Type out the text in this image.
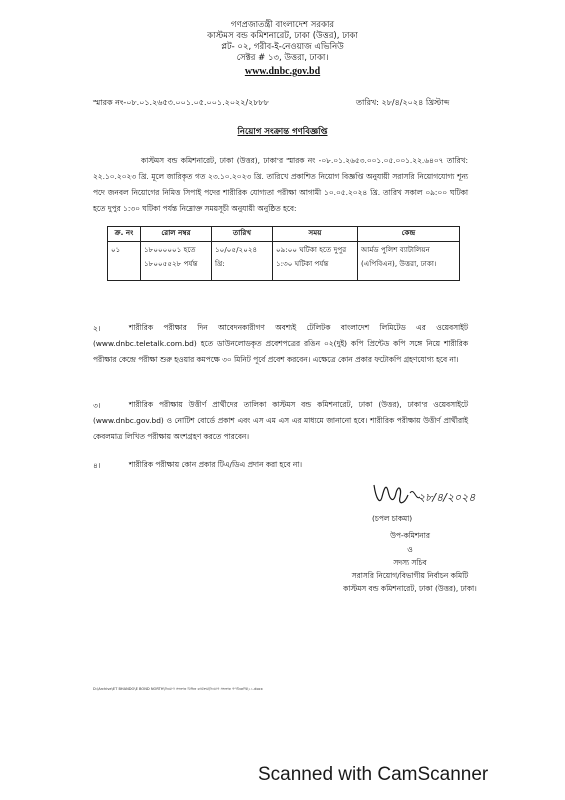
গণপ্রজাতন্ত্রী বাংলাদেশ সরকার
কাস্টমস বন্ড কমিশনারেট, ঢাকা (উত্তর), ঢাকা
প্লট- ০২, গরীব-ই-নেওয়াজ এভিনিউ
সেক্টর # ১৩, উত্তরা, ঢাকা।
www.dnbc.gov.bd
স্মারক নং-০৮.০১.২৬৫৩.০০১.০৫.০০১.২০২২/২৮৮৮	তারিখ: ২৮/৪/২০২৪ খ্রিস্টাব্দ
নিয়োগ সংক্রান্ত গণবিজ্ঞপ্তি
কাস্টমস বন্ড কমিশনারেট, ঢাকা (উত্তর), ঢাকা'র স্মারক নং -০৮.০১.২৬৫৩.০০১.০৫.০০১.২২.৬৪০৭ তারিখ: ২২.১০.২০২৩ খ্রি. মূলে জারিকৃত গত ২৩.১০.২০২৩ খ্রি. তারিখে প্রকাশিত নিয়োগ বিজ্ঞপ্তি অনুযায়ী সরাসরি নিয়োগযোগ্য শূন্য পদে জনবল নিয়োগের নিমিত্ত সিপাই পদের শারীরিক যোগ্যতা পরীক্ষা আগামী ১০.০৫.২০২৪ খ্রি. তারিখ সকাল ০৯:০০ ঘটিকা হতে দুপুর ১:৩০ ঘটিকা পর্যন্ত নিম্নোক্ত সময়সূচী অনুযায়ী অনুষ্ঠিত হবে:
ক্র. নং	রোল নম্বর	তারিখ	সময়	কেন্দ্র
০১	১৮০০০০০১ হতে ১৮০০৫৫২৮ পর্যন্ত	১০/০৫/২০২৪ খ্রি:	০৯:০০ ঘটিকা হতে দুপুর ১:৩০ ঘটিকা পর্যন্ত	আর্মড পুলিশ ব্যাটালিয়ন (এপিবিএন), উত্তরা, ঢাকা।
২।	শারীরিক পরীক্ষার দিন আবেদনকারীগণ অবশ্যই টেলিটক বাংলাদেশ লিমিটেড এর ওয়েবসাইট (www.dnbc.teletalk.com.bd) হতে ডাউনলোডকৃত প্রবেশপত্রের রঙিন ০২(দুই) কপি প্রিন্টেড কপি সঙ্গে নিয়ে শারীরিক পরীক্ষার কেন্দ্রে পরীক্ষা শুরু হওয়ার কমপক্ষে ৩০ মিনিট পূর্বে প্রবেশ করবেন। এক্ষেত্রে কোন প্রকার ফটোকপি গ্রহণযোগ্য হবে না।
৩।	শারীরিক পরীক্ষায় উত্তীর্ণ প্রার্থীদের তালিকা কাস্টমস বন্ড কমিশনারেট, ঢাকা (উত্তর), ঢাকা'র ওয়েবসাইটে (www.dnbc.gov.bd) ও নোটিশ বোর্ডে প্রকাশ এবং এস এম এস এর মাধ্যমে জানানো হবে। শারীরিক পরীক্ষায় উত্তীর্ণ প্রার্থীরাই কেবলমাত্র লিখিত পরীক্ষায় অংশগ্রহণ করতে পারবেন।
৪।	শারীরিক পরীক্ষায় কোন প্রকার টিএ/ডিএ প্রদান করা হবে না।
২৮/৪/২০২৪
(চপল চাকমা)
উপ-কমিশনার
ও
সদস্য সচিব
সরাসরি নিয়োগ/বিভাগীয় নির্বাচন কমিটি
কাস্টমস বন্ড কমিশনারেট, ঢাকা (উত্তর), ঢাকা।
D:\Archive\ET BHANDO\E BOND NORTH\নিয়োগ সংক্রান্ত বিভিন্ন কার্যক্রম\নিয়োগ সংক্রান্ত গণবিজ্ঞপ্তি\১১.docx
Scanned with CamScanner
